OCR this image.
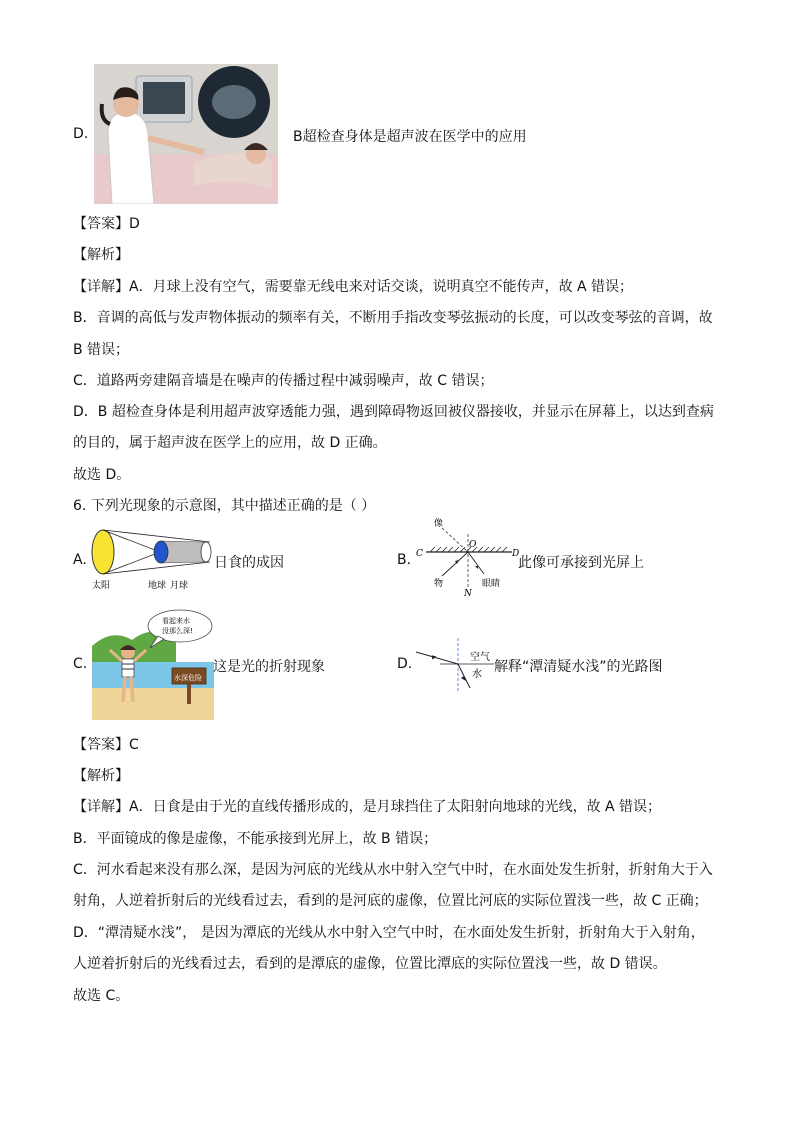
D.	B超检查身体是超声波在医学中的应用
【答案】D
【解析】
【详解】A．月球上没有空气，需要靠无线电来对话交谈，说明真空不能传声，故 A 错误；
B．音调的高低与发声物体振动的频率有关，不断用手指改变琴弦振动的长度，可以改变琴弦的音调，故
B 错误；
C．道路两旁建隔音墙是在噪声的传播过程中减弱噪声，故 C 错误；
D．B 超检查身体是利用超声波穿透能力强，遇到障碍物返回被仪器接收，并显示在屏幕上，以达到查病
的目的，属于超声波在医学上的应用，故 D 正确。
故选 D。
6. 下列光现象的示意图，其中描述正确的是（ ）
A.
太阳	地球 月球
日食的成因	B.
像
O
C	D
物
N
眼睛
此像可承接到光屏上
C.
看起来水
没那么深!
水深危险
这是光的折射现象	D.	空气
水 解释“潭清疑水浅”的光路图
【答案】C
【解析】
【详解】A．日食是由于光的直线传播形成的，是月球挡住了太阳射向地球的光线，故 A 错误；
B．平面镜成的像是虚像，不能承接到光屏上，故 B 错误；
C．河水看起来没有那么深，是因为河底的光线从水中射入空气中时，在水面处发生折射，折射角大于入
射角，人逆着折射后的光线看过去，看到的是河底的虚像，位置比河底的实际位置浅一些，故 C 正确；
D．“潭清疑水浅”， 是因为潭底的光线从水中射入空气中时，在水面处发生折射，折射角大于入射角，
人逆着折射后的光线看过去，看到的是潭底的虚像，位置比潭底的实际位置浅一些，故 D 错误。
故选 C。
